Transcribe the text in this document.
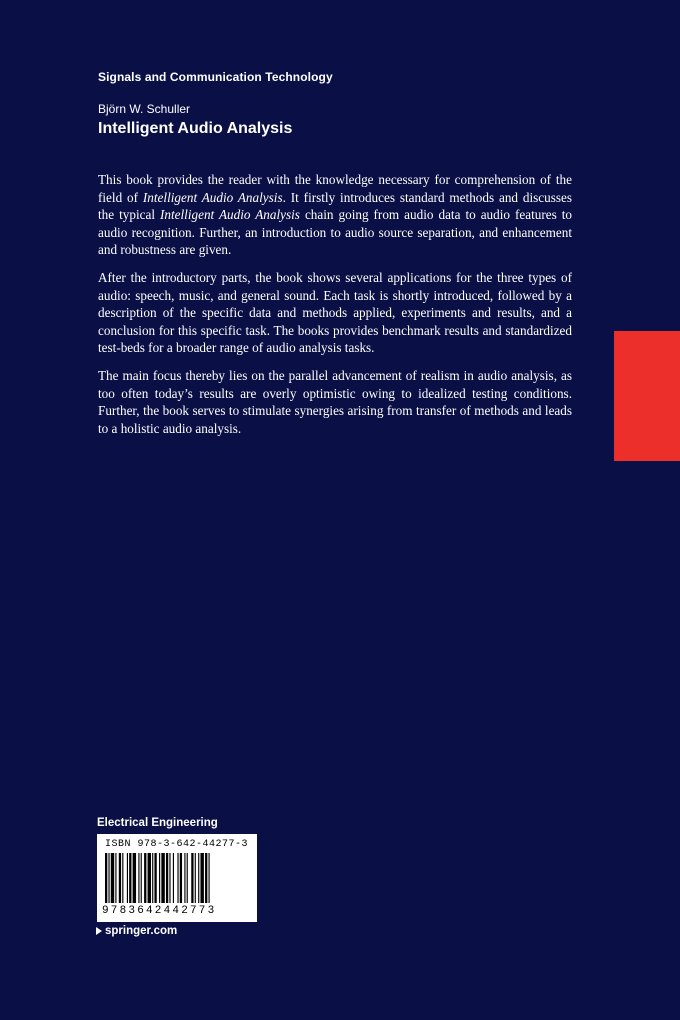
Signals and Communication Technology
Björn W. Schuller
Intelligent Audio Analysis

This book provides the reader with the knowledge necessary for comprehension of the field of Intelligent Audio Analysis. It firstly introduces standard methods and discusses the typical Intelligent Audio Analysis chain going from audio data to audio features to audio recognition. Further, an introduction to audio source separation, and enhancement and robustness are given.

After the introductory parts, the book shows several applications for the three types of audio: speech, music, and general sound. Each task is shortly introduced, followed by a description of the specific data and methods applied, experiments and results, and a conclusion for this specific task. The books provides benchmark results and standardized test-beds for a broader range of audio analysis tasks.

The main focus thereby lies on the parallel advancement of realism in audio analysis, as too often today’s results are overly optimistic owing to idealized testing conditions. Further, the book serves to stimulate synergies arising from transfer of methods and leads to a holistic audio analysis.

Electrical Engineering
ISBN 978-3-642-44277-3
9783642442773
springer.com
